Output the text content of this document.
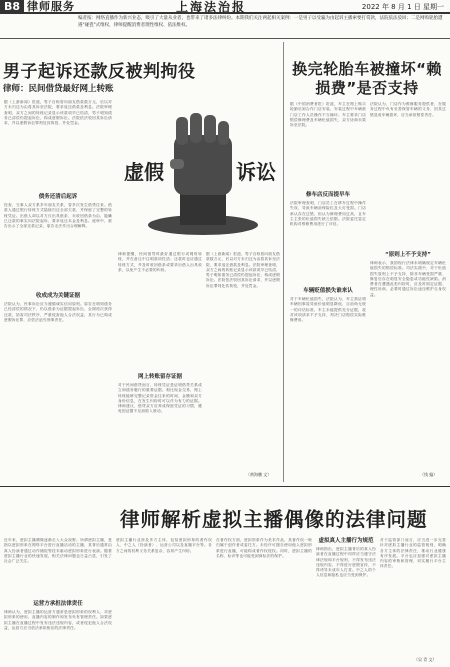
B8 律师服务	上海法治报	2022 年 8 月 1 日 星期一
编者按：网络直播作为新兴业态，吸引了大量从业者，也带来了诸多法律纠纷。本期我们关注两起相关案例：一是男子以受骗为由起诉主播索要打赏款，法院依法驳回；二是网购轮胎遭遇"碰瓷"式维权，律师提醒消费者理性维权、依法维权。
男子起诉还款反被判拘役
律师：民间借贷最好网上转账
换完轮胎车被撞坏“赖损费”是否支持
据《上游新闻》报道，男子自称曾向朋友借款数万元，后以对方未归还为由将其诉至法院，要求返还借款及利息。法院审理查明，双方之间的转账记录显示该款项早已结清，男子明知债务已清偿仍提起诉讼，构成虚假诉讼。法院依法驳回其诉讼请求，并以虚假诉讼罪判处其拘役，并处罚金。
债务还清后起诉
经查，当事人双方系多年朋友关系，曾多次发生借贷往来。借款人通过银行转账方式陆续归还全部欠款，并保留了完整的转账凭证。出借人却以对方仅出具借条、未收回借条为由，隐瞒已还款的事实向法院起诉，要求返还本金及利息。庭审中，被告出示了全部还款记录，原告无法作出合理解释。
收成成为关键证据
法院认为，民事诉讼应当遵循诚实信用原则。原告在明知债务已经清偿的情况下，仍以借条为证据提起诉讼，企图再次获得还款，妨害司法秩序，严重侵害他人合法权益，其行为已构成虚假诉讼罪，应依法追究刑事责任。
虚假	诉讼
律师提醒，民间借贷时最好通过银行或网络转账，并在备注中注明款项性质；还款时也应通过转账方式，并及时收回借条或要求出借人出具收条，以免产生不必要的纠纷。
网上转账留存证据
对于民间借贷而言，转账凭证是证明借贷关系成立和债务履行的重要证据。相比现金交易，网上转账能够完整记录资金往来的时间、金额和双方身份信息，在发生纠纷时可以作为有力的证据。律师建议，借贷双方应养成保留凭证的习惯，避免因证据不足而陷入被动。
据《上游新闻》报道，男子自称曾向朋友借款数万元，后以对方未归还为由将其诉至法院，要求返还借款及利息。法院审理查明，双方之间的转账记录显示该款项早已结清，男子明知债务已清偿仍提起诉讼，构成虚假诉讼。法院依法驳回其诉讼请求，并以虚假诉讼罪判处其拘役，并处罚金。
（黄海鹏 文）
据《中国消费者报》报道，车主在网上购买轮胎后到合作门店安装，安装过程中车辆被门店工作人员操作不当撞坏。车主要求门店赔偿修理费及车辆贬值损失，双方协商未果诉至法院。
修车店反而提早车
法院审理查明，门店员工在移车过程中操作失误，导致车辆前保险杠及大灯受损。门店承认存在过错，但认为修理费用过高，且车主主张的贬值损失缺乏依据。法院委托鉴定机构对维修费用进行了评估。
车辆贬值损失谁来认
对于车辆贬值损失，法院认为，车主需证明车辆因事故导致价值明显降低，目前尚无统一的评估标准，车主未能提供充分证据，故对该项请求不予支持，判决门店赔偿实际维修费用。
法院认为，门店作为维修服务提供者，在服务过程中负有妥善保管车辆的义务，因其过错造成车辆损坏，应当承担赔偿责任。
“原则上不予支持”
律师表示，我国现行法律未明确规定车辆贬值损失的赔偿标准。司法实践中，对于贬值损失原则上不予支持，除非车辆受损严重、修复后存在明显安全隐患或功能性缺陷。消费者在遭遇此类纠纷时，应及时固定证据、理性协商，必要时通过诉讼途径维护自身权益。
（钱 编）
律师解析虚拟主播偶像的法律问题
近年来，虚拟主播偶像逐渐走入大众视野。所谓虚拟主播，是指以虚拟形象在网络平台进行直播活动的主播，其背后通常由真人扮演者通过动作捕捉等技术驱动虚拟形象进行表演。随着虚拟主播行业的快速发展，相关法律问题也日益凸显，引发了社会广泛关注。
运营方承担法律责任
律师认为，虚拟主播的运营方通常是虚拟形象的权利人，对虚拟形象的使用、直播内容的制作和发布负有管理责任。如果虚拟主播在直播过程中发布违法违规内容，或者侵犯他人合法权益，运营方应当依法承担相应的法律责任。
虚拟主播行业涉及多方主体，包括虚拟形象的著作权人、中之人（扮演者）、运营公司以及直播平台等。各方之间的权利义务关系复杂，容易产生纠纷。
在著作权方面，虚拟形象作为美术作品，其著作权一般归属于创作者或委托方。未经许可擅自使用他人虚拟形象进行直播，可能构成著作权侵权。同时，虚拟主播的名称、标识等也可能受到商标法的保护。
虚拟真人主播行为规范
律师指出，虚拟主播背后的真人扮演者在直播过程中同样应当遵守法律法规和平台规则，不得发布违法违规内容，不得进行虚假宣传，不得诱导未成年人打赏。中之人的个人信息和隐私也应当受到保护。
对于监管部门而言，应当进一步完善针对虚拟主播行业的监管规则，明确各方主体的法律责任，推动行业健康有序发展。平台也应加强对虚拟主播内容的审核和管理，切实履行平台主体责任。
（吴 青 文）
